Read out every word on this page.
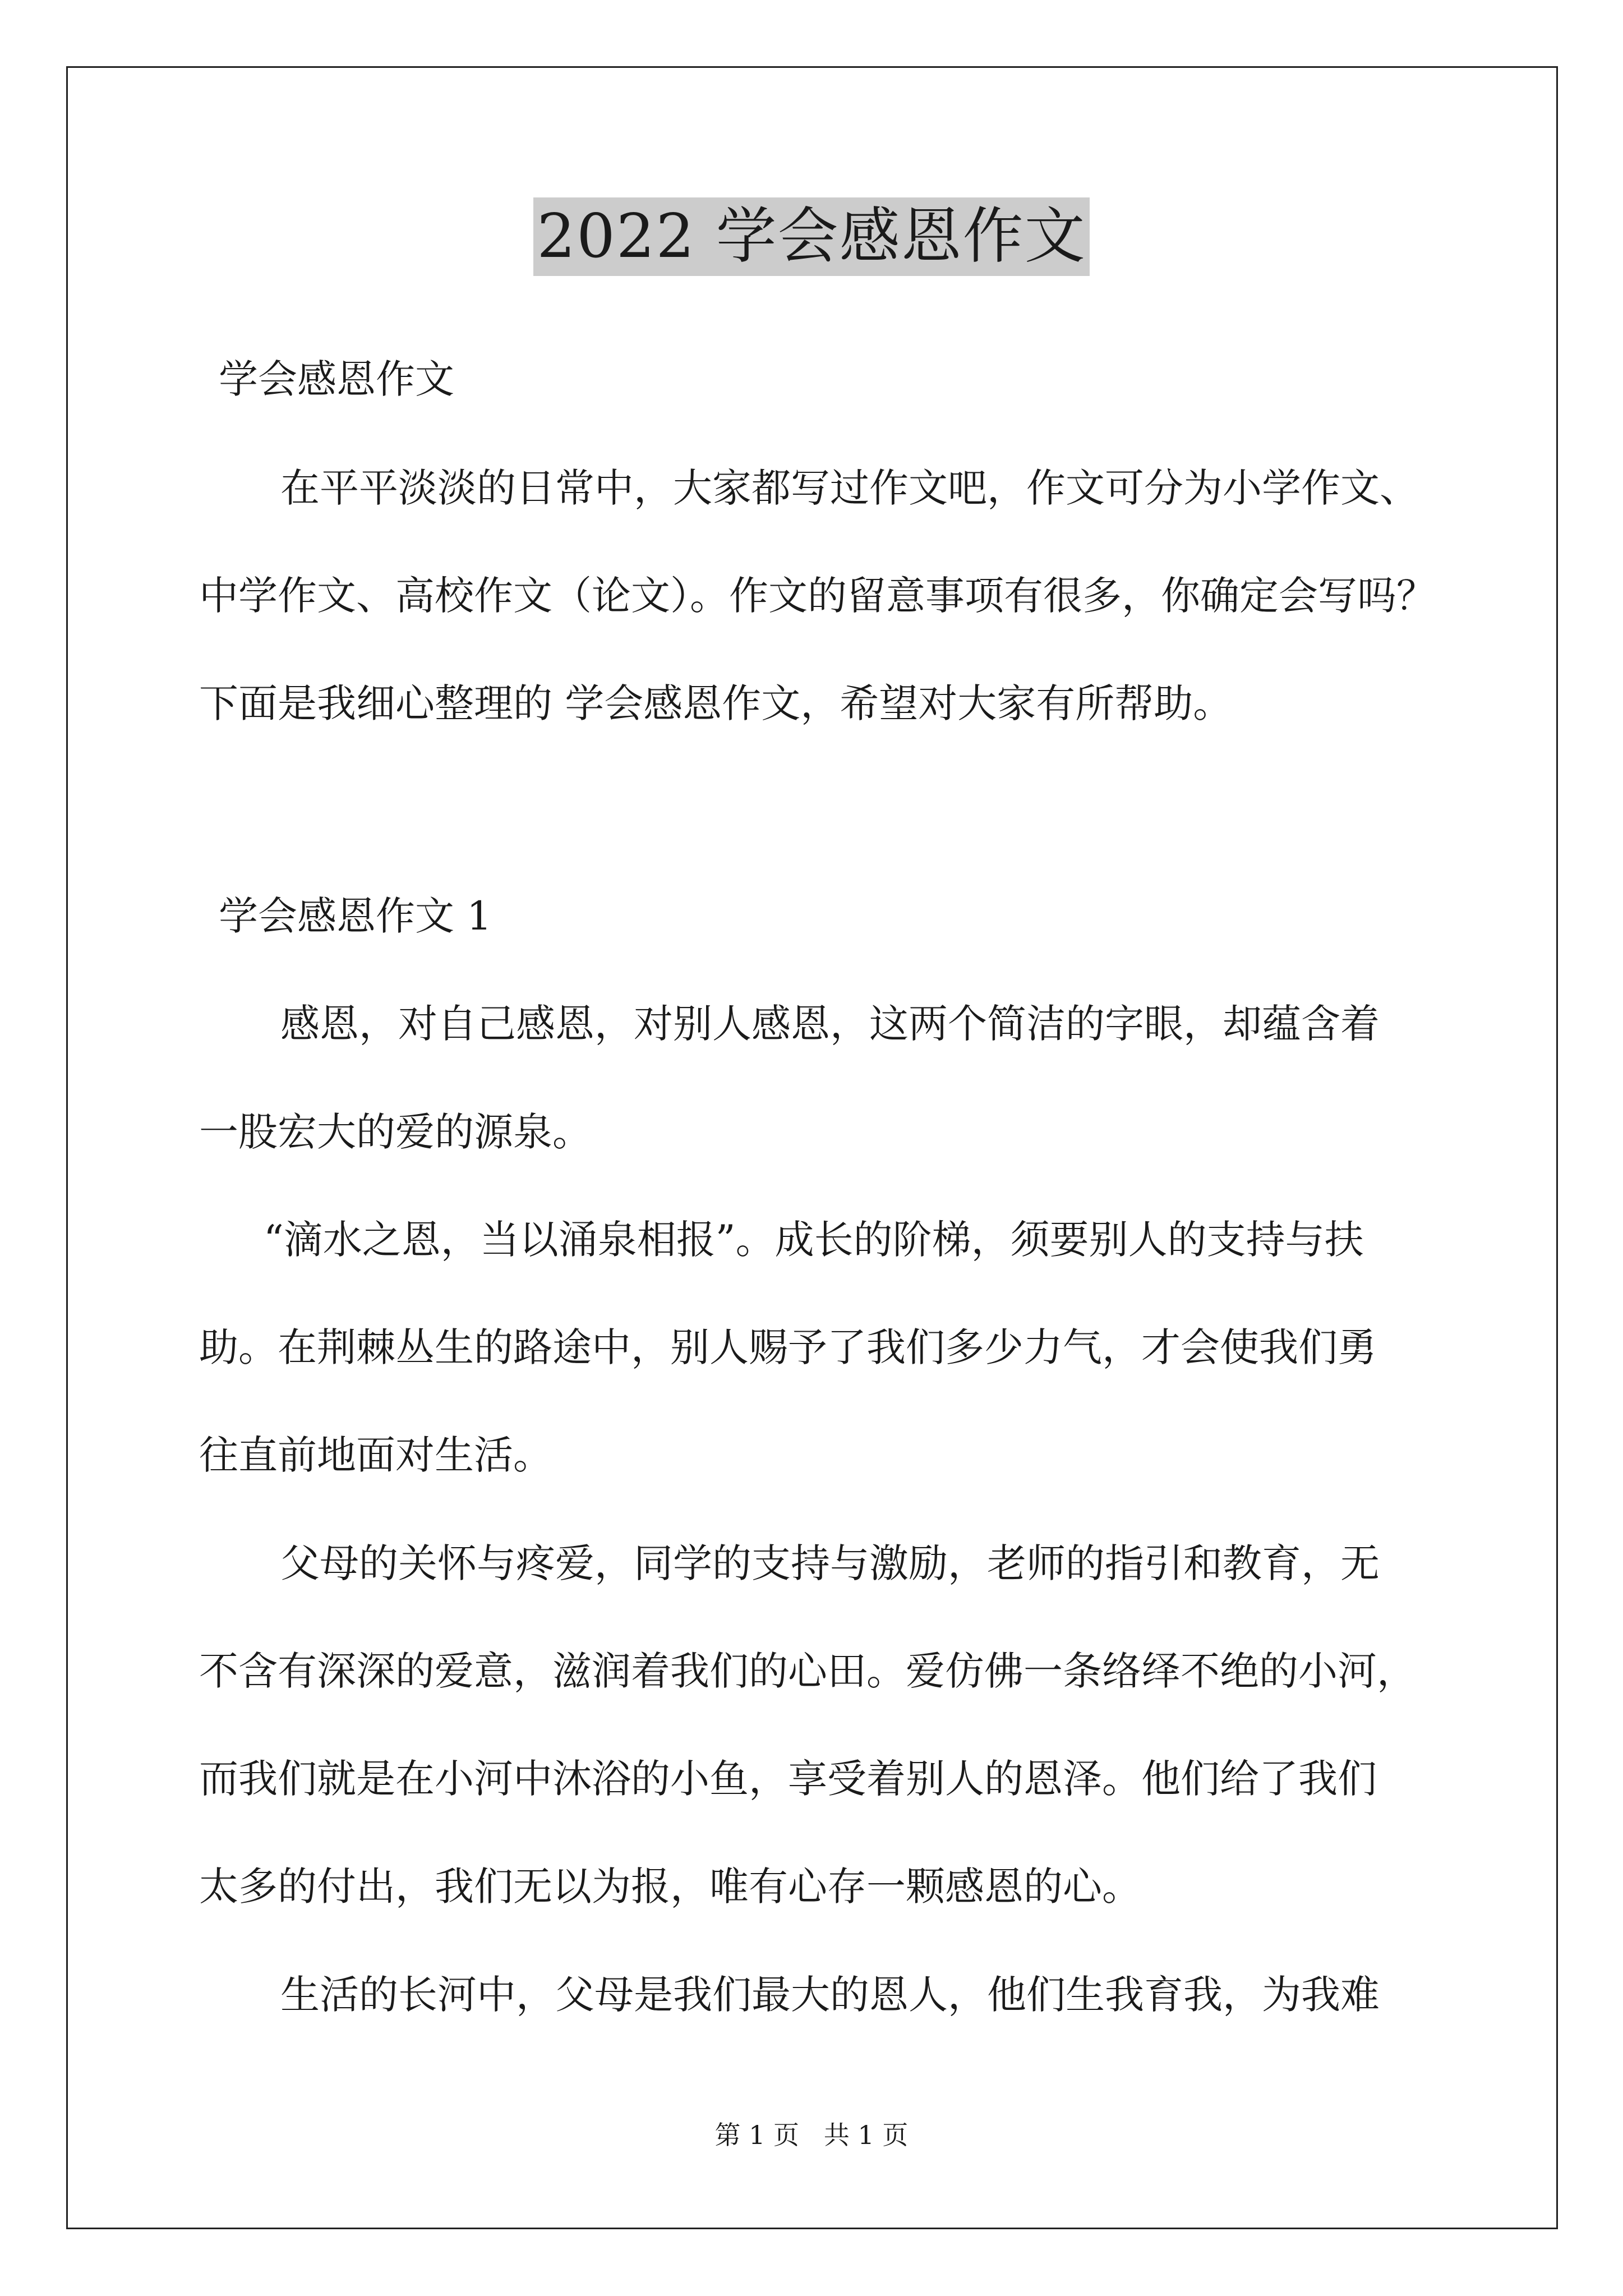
2022 学会感恩作文
学会感恩作文
在平平淡淡的日常中，大家都写过作文吧，作文可分为小学作文、
中学作文、高校作文（论文）。作文的留意事项有很多，你确定会写吗？
下面是我细心整理的 学会感恩作文，希望对大家有所帮助。
学会感恩作文 1
感恩，对自己感恩，对别人感恩，这两个简洁的字眼，却蕴含着
一股宏大的爱的源泉。
“滴水之恩，当以涌泉相报”。成长的阶梯，须要别人的支持与扶
助。在荆棘丛生的路途中，别人赐予了我们多少力气，才会使我们勇
往直前地面对生活。
父母的关怀与疼爱，同学的支持与激励，老师的指引和教育，无
不含有深深的爱意，滋润着我们的心田。爱仿佛一条络绎不绝的小河，
而我们就是在小河中沐浴的小鱼，享受着别人的恩泽。他们给了我们
太多的付出，我们无以为报，唯有心存一颗感恩的心。
生活的长河中，父母是我们最大的恩人，他们生我育我，为我难
第 1 页   共 1 页
